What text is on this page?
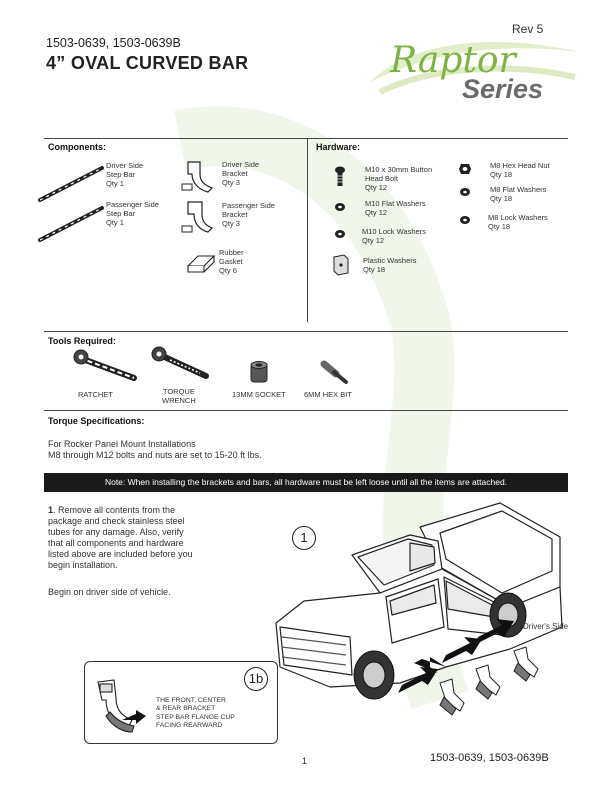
Rev 5
1503-0639, 1503-0639B
4” OVAL CURVED BAR	Raptor
Series
Components:
Driver Side
Step Bar
Qty 1
Passenger Side
Step Bar
Qty 1
Driver Side
Bracket
Qty 3
Passenger Side
Bracket
Qty 3
Rubber
Gasket
Qty 6
Hardware:
M10 x 30mm Button
Head Bolt
Qty 12
M10 Flat Washers
Qty 12
M10 Lock Washers
Qty 12
Plastic Washers
Qty 18
M8 Hex Head Nut
Qty 18
M8 Flat Washers
Qty 18
M8 Lock Washers
Qty 18
Tools Required:
RATCHET	TORQUE
WRENCH
13MM SOCKET 6MM HEX BIT
Torque Specifications:
For Rocker Panel Mount Installations
M8 through M12 bolts and nuts are set to 15-20 ft lbs.
Note: When installing the brackets and bars, all hardware must be left loose until all the items are attached.
1. Remove all contents from the
package and check stainless steel
tubes for any damage. Also, verify
that all components and hardware
listed above are included before you
begin installation.
Begin on driver side of vehicle.
1
Driver's Side
1b
THE FRONT, CENTER
& REAR BRACKET
STEP BAR FLANGE CUP
FACING REARWARD
1	1503-0639, 1503-0639B
